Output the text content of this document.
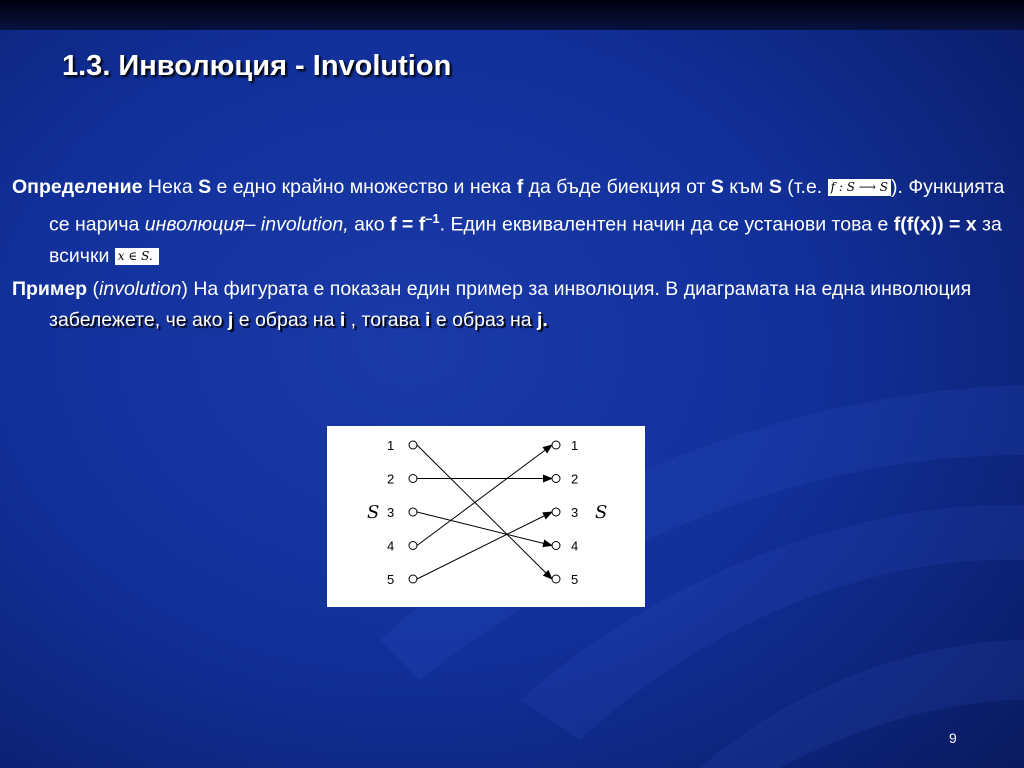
1.3. Инволюция - Involution

Определение Нека S е едно крайно множество и нека f да бъде биекция от S към S (т.е. f : S ⟶ S ). Функцията се нарича инволюция– involution, ако $f = f^{-1}$. Един еквивалентен начин да се установи това е f(f(x)) = x за всички x ∈ S.

Пример (involution) На фигурата е показан един пример за инволюция. В диаграмата на една инволюция забележете, че ако j е образ на i , тогава i е образ на j.

S	S
1
2
3
4
5
1
2
3
4
5
9
